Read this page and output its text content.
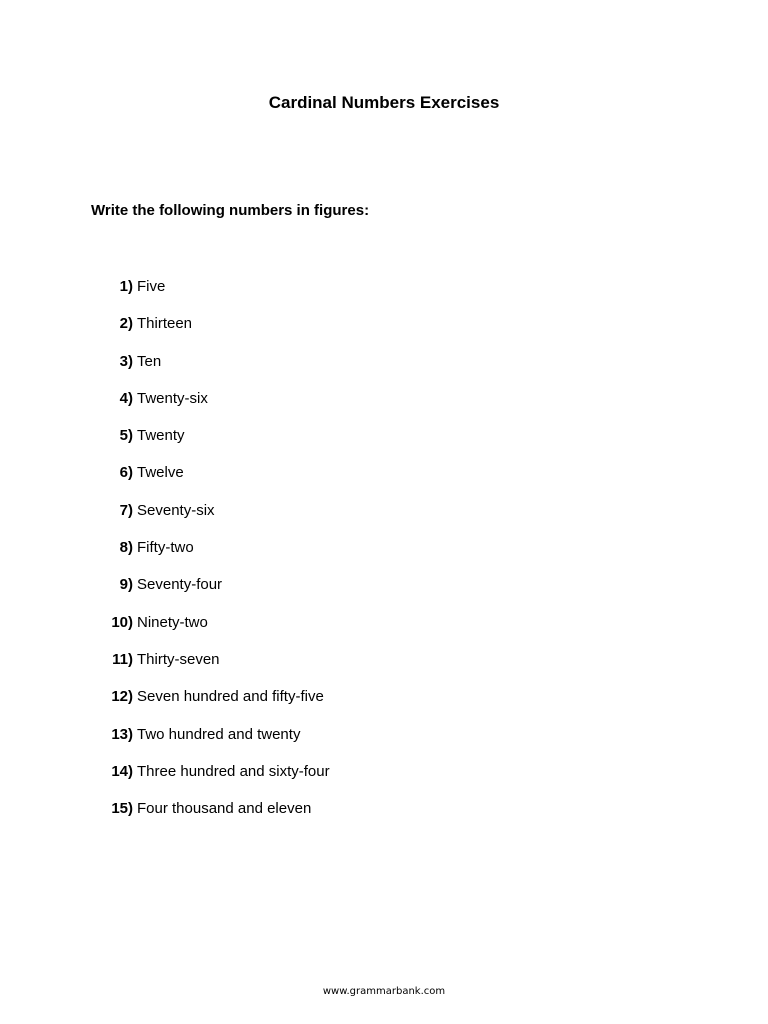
Cardinal Numbers Exercises
Write the following numbers in figures:
1) Five
2) Thirteen
3) Ten
4) Twenty-six
5) Twenty
6) Twelve
7) Seventy-six
8) Fifty-two
9) Seventy-four
10) Ninety-two
11) Thirty-seven
12) Seven hundred and fifty-five
13) Two hundred and twenty
14) Three hundred and sixty-four
15) Four thousand and eleven
www.grammarbank.com
